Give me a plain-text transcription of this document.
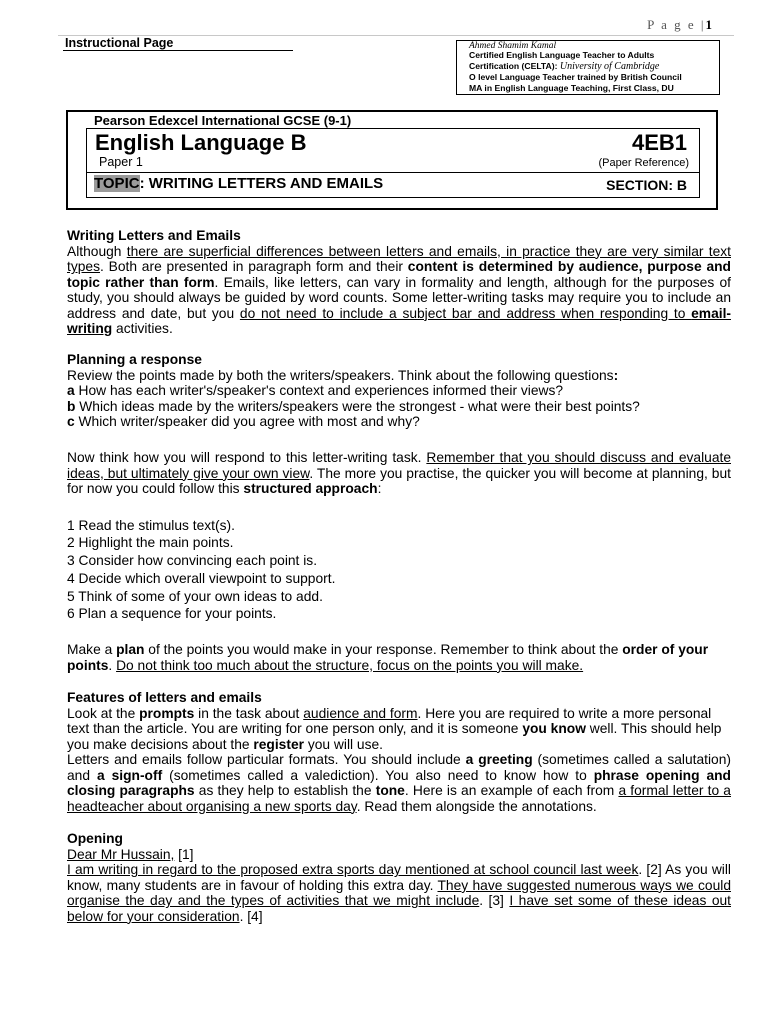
P a g e |1
Instructional Page	Ahmed Shamim Kamal
Certified English Language Teacher to Adults
Certification (CELTA): University of Cambridge
O level Language Teacher trained by British Council
MA in English Language Teaching, First Class, DU
Pearson Edexcel International GCSE (9-1)
English Language B	4EB1
Paper 1	(Paper Reference)
TOPIC: WRITING LETTERS AND EMAILS	SECTION: B

Writing Letters and Emails

Although there are superficial differences between letters and emails, in practice they are very similar text types. Both are presented in paragraph form and their content is determined by audience, purpose and topic rather than form. Emails, like letters, can vary in formality and length, although for the purposes of study, you should always be guided by word counts. Some letter-writing tasks may require you to include an address and date, but you do not need to include a subject bar and address when responding to email-writing activities.

Planning a response

Review the points made by both the writers/speakers. Think about the following questions:

a How has each writer's/speaker's context and experiences informed their views?

b Which ideas made by the writers/speakers were the strongest - what were their best points?

c Which writer/speaker did you agree with most and why?

Now think how you will respond to this letter-writing task. Remember that you should discuss and evaluate ideas, but ultimately give your own view. The more you practise, the quicker you will become at planning, but for now you could follow this structured approach:

1 Read the stimulus text(s).

2 Highlight the main points.

3 Consider how convincing each point is.

4 Decide which overall viewpoint to support.

5 Think of some of your own ideas to add.

6 Plan a sequence for your points.

Make a plan of the points you would make in your response. Remember to think about the order of your points. Do not think too much about the structure, focus on the points you will make.

Features of letters and emails

Look at the prompts in the task about audience and form. Here you are required to write a more personal text than the article. You are writing for one person only, and it is someone you know well. This should help you make decisions about the register you will use.

Letters and emails follow particular formats. You should include a greeting (sometimes called a salutation) and a sign-off (sometimes called a valediction). You also need to know how to phrase opening and closing paragraphs as they help to establish the tone. Here is an example of each from a formal letter to a headteacher about organising a new sports day. Read them alongside the annotations.

Opening

Dear Mr Hussain, [1]

I am writing in regard to the proposed extra sports day mentioned at school council last week. [2] As you will know, many students are in favour of holding this extra day. They have suggested numerous ways we could organise the day and the types of activities that we might include. [3] I have set some of these ideas out below for your consideration. [4]
